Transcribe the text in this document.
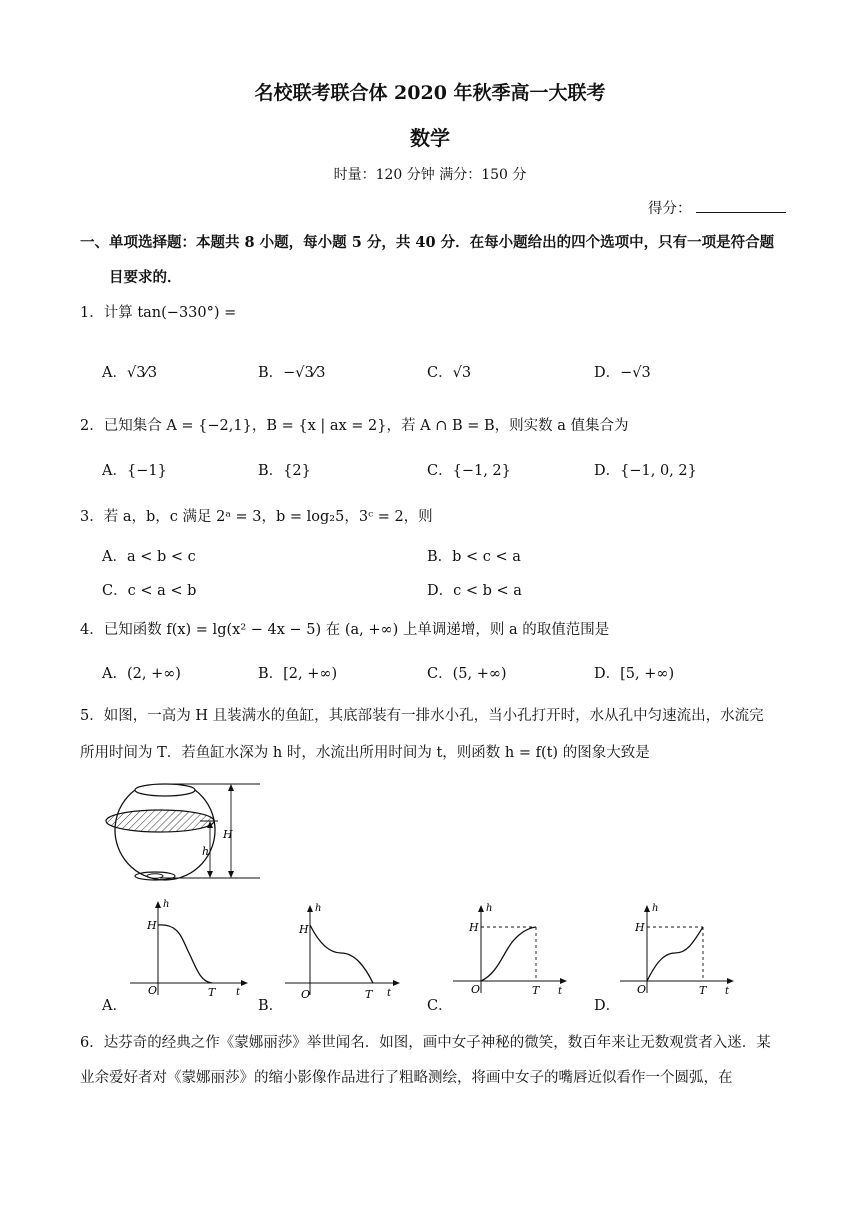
名校联考联合体 2020 年秋季高一大联考
数学
时量：120 分钟 满分：150 分
得分：
一、单项选择题：本题共 8 小题，每小题 5 分，共 40 分．在每小题给出的四个选项中，只有一项是符合题
目要求的．
1．计算 tan(−330°) =
A．√3⁄3	B．−√3⁄3	C．√3	D．−√3
2．已知集合 A = {−2,1}，B = {x | ax = 2}，若 A ∩ B = B，则实数 a 值集合为
A．{−1}	B．{2}	C．{−1, 2}	D．{−1, 0, 2}
3．若 a，b，c 满足 2ᵃ = 3，b = log₂5，3ᶜ = 2，则
A．a < b < c	B．b < c < a
C．c < a < b	D．c < b < a
4．已知函数 f(x) = lg(x² − 4x − 5) 在 (a, +∞) 上单调递增，则 a 的取值范围是
A．(2, +∞)	B．[2, +∞)	C．(5, +∞)	D．[5, +∞)
5．如图，一高为 H 且装满水的鱼缸，其底部装有一排水小孔，当小孔打开时，水从孔中匀速流出，水流完
所用时间为 T．若鱼缸水深为 h 时，水流出所用时间为 t，则函数 h = f(t) 的图象大致是
h
H
h
H
O	T t
A．
h
H
O	T t
B．
h
H
O	T t
C．
h
H
O	T t
D．
6．达芬奇的经典之作《蒙娜丽莎》举世闻名．如图，画中女子神秘的微笑，数百年来让无数观赏者入迷．某
业余爱好者对《蒙娜丽莎》的缩小影像作品进行了粗略测绘，将画中女子的嘴唇近似看作一个圆弧，在
